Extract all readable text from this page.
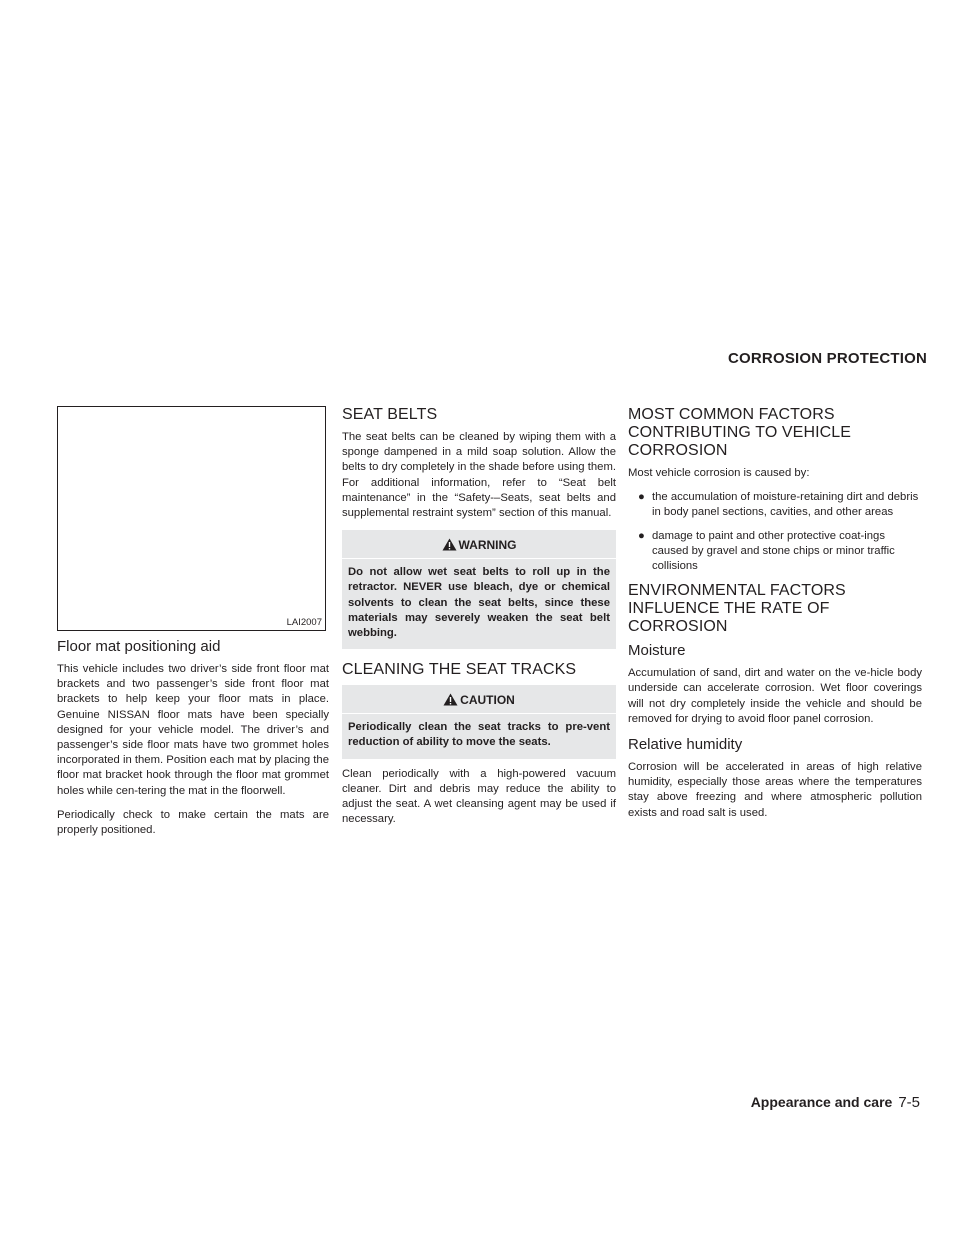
CORROSION PROTECTION
LAI2007
Floor mat positioning aid

This vehicle includes two driver’s side front floor mat brackets and two passenger’s side front floor mat brackets to help keep your floor mats in place. Genuine NISSAN floor mats have been specially designed for your vehicle model. The driver’s and passenger’s side floor mats have two grommet holes incorporated in them. Position each mat by placing the floor mat bracket hook through the floor mat grommet holes while cen-tering the mat in the floorwell.

Periodically check to make certain the mats are properly positioned.

SEAT BELTS

The seat belts can be cleaned by wiping them with a sponge dampened in a mild soap solution. Allow the belts to dry completely in the shade before using them. For additional information, refer to “Seat belt maintenance” in the “Safety-–Seats, seat belts and supplemental restraint system” section of this manual.

WARNING
Do not allow wet seat belts to roll up in the retractor. NEVER use bleach, dye or chemical solvents to clean the seat belts, since these materials may severely weaken the seat belt webbing.
CLEANING THE SEAT TRACKS
CAUTION
Periodically clean the seat tracks to pre-vent reduction of ability to move the seats.

Clean periodically with a high-powered vacuum cleaner. Dirt and debris may reduce the ability to adjust the seat. A wet cleansing agent may be used if necessary.

MOST COMMON FACTORS CONTRIBUTING TO VEHICLE CORROSION

Most vehicle corrosion is caused by:

● the accumulation of moisture-retaining dirt and debris in body panel sections, cavities, and other areas
● damage to paint and other protective coat-ings caused by gravel and stone chips or minor traffic collisions
ENVIRONMENTAL FACTORS INFLUENCE THE RATE OF CORROSION
Moisture

Accumulation of sand, dirt and water on the ve-hicle body underside can accelerate corrosion. Wet floor coverings will not dry completely inside the vehicle and should be removed for drying to avoid floor panel corrosion.

Relative humidity

Corrosion will be accelerated in areas of high relative humidity, especially those areas where the temperatures stay above freezing and where atmospheric pollution exists and road salt is used.

Appearance and care 7-5
